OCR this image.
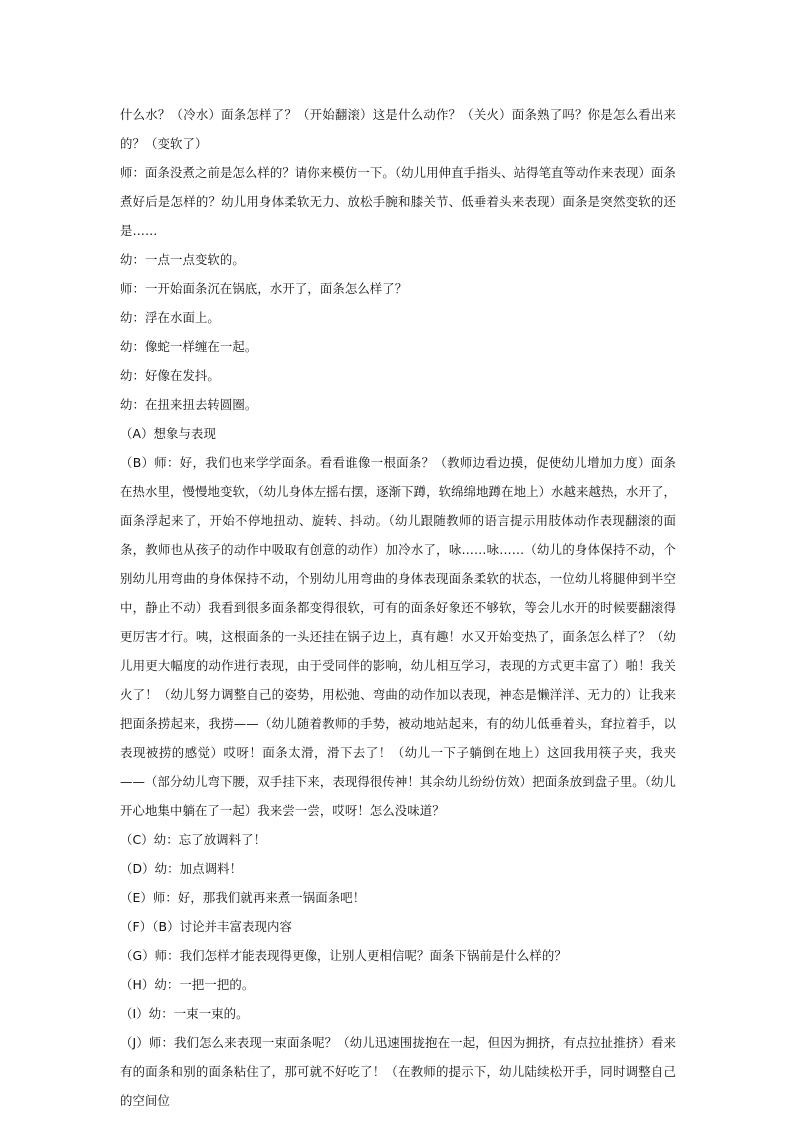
什么水？（冷水）面条怎样了？（开始翻滚）这是什么动作？（关火）面条熟了吗？你是怎么看出来的？（变软了）

师：面条没煮之前是怎么样的？请你来模仿一下。（幼儿用伸直手指头、站得笔直等动作来表现）面条煮好后是怎样的？幼儿用身体柔软无力、放松手腕和膝关节、低垂着头来表现）面条是突然变软的还是……

幼：一点一点变软的。

师：一开始面条沉在锅底，水开了，面条怎么样了？

幼：浮在水面上。

幼：像蛇一样缠在一起。

幼：好像在发抖。

幼：在扭来扭去转圆圈。

（A）想象与表现

（B）师：好，我们也来学学面条。看看谁像一根面条？（教师边看边摸，促使幼儿增加力度）面条在热水里，慢慢地变软，（幼儿身体左摇右摆，逐渐下蹲，软绵绵地蹲在地上）水越来越热，水开了，面条浮起来了，开始不停地扭动、旋转、抖动。（幼儿跟随教师的语言提示用肢体动作表现翻滚的面条，教师也从孩子的动作中吸取有创意的动作）加冷水了，咏……咏……（幼儿的身体保持不动，个别幼儿用弯曲的身体保持不动，个别幼儿用弯曲的身体表现面条柔软的状态，一位幼儿将腿伸到半空中，静止不动）我看到很多面条都变得很软，可有的面条好象还不够软，等会儿水开的时候要翻滚得更厉害才行。咦，这根面条的一头还挂在锅子边上，真有趣！水又开始变热了，面条怎么样了？（幼儿用更大幅度的动作进行表现，由于受同伴的影响，幼儿相互学习，表现的方式更丰富了）啪！我关火了！（幼儿努力调整自己的姿势，用松弛、弯曲的动作加以表现，神态是懒洋洋、无力的）让我来把面条捞起来，我捞——（幼儿随着教师的手势，被动地站起来，有的幼儿低垂着头，耷拉着手，以表现被捞的感觉）哎呀！面条太滑，滑下去了！（幼儿一下子躺倒在地上）这回我用筷子夹，我夹——（部分幼儿弯下腰，双手挂下来，表现得很传神！其余幼儿纷纷仿效）把面条放到盘子里。（幼儿开心地集中躺在了一起）我来尝一尝，哎呀！怎么没味道？

（C）幼：忘了放调料了！

（D）幼：加点调料！

（E）师：好，那我们就再来煮一锅面条吧！

（F）（B）讨论并丰富表现内容

（G）师：我们怎样才能表现得更像，让别人更相信呢？面条下锅前是什么样的？

（H）幼：一把一把的。

（I）幼：一束一束的。

（J）师：我们怎么来表现一束面条呢？（幼儿迅速围拢抱在一起，但因为拥挤，有点拉扯推挤）看来有的面条和别的面条粘住了，那可就不好吃了！（在教师的提示下，幼儿陆续松开手，同时调整自己的空间位
